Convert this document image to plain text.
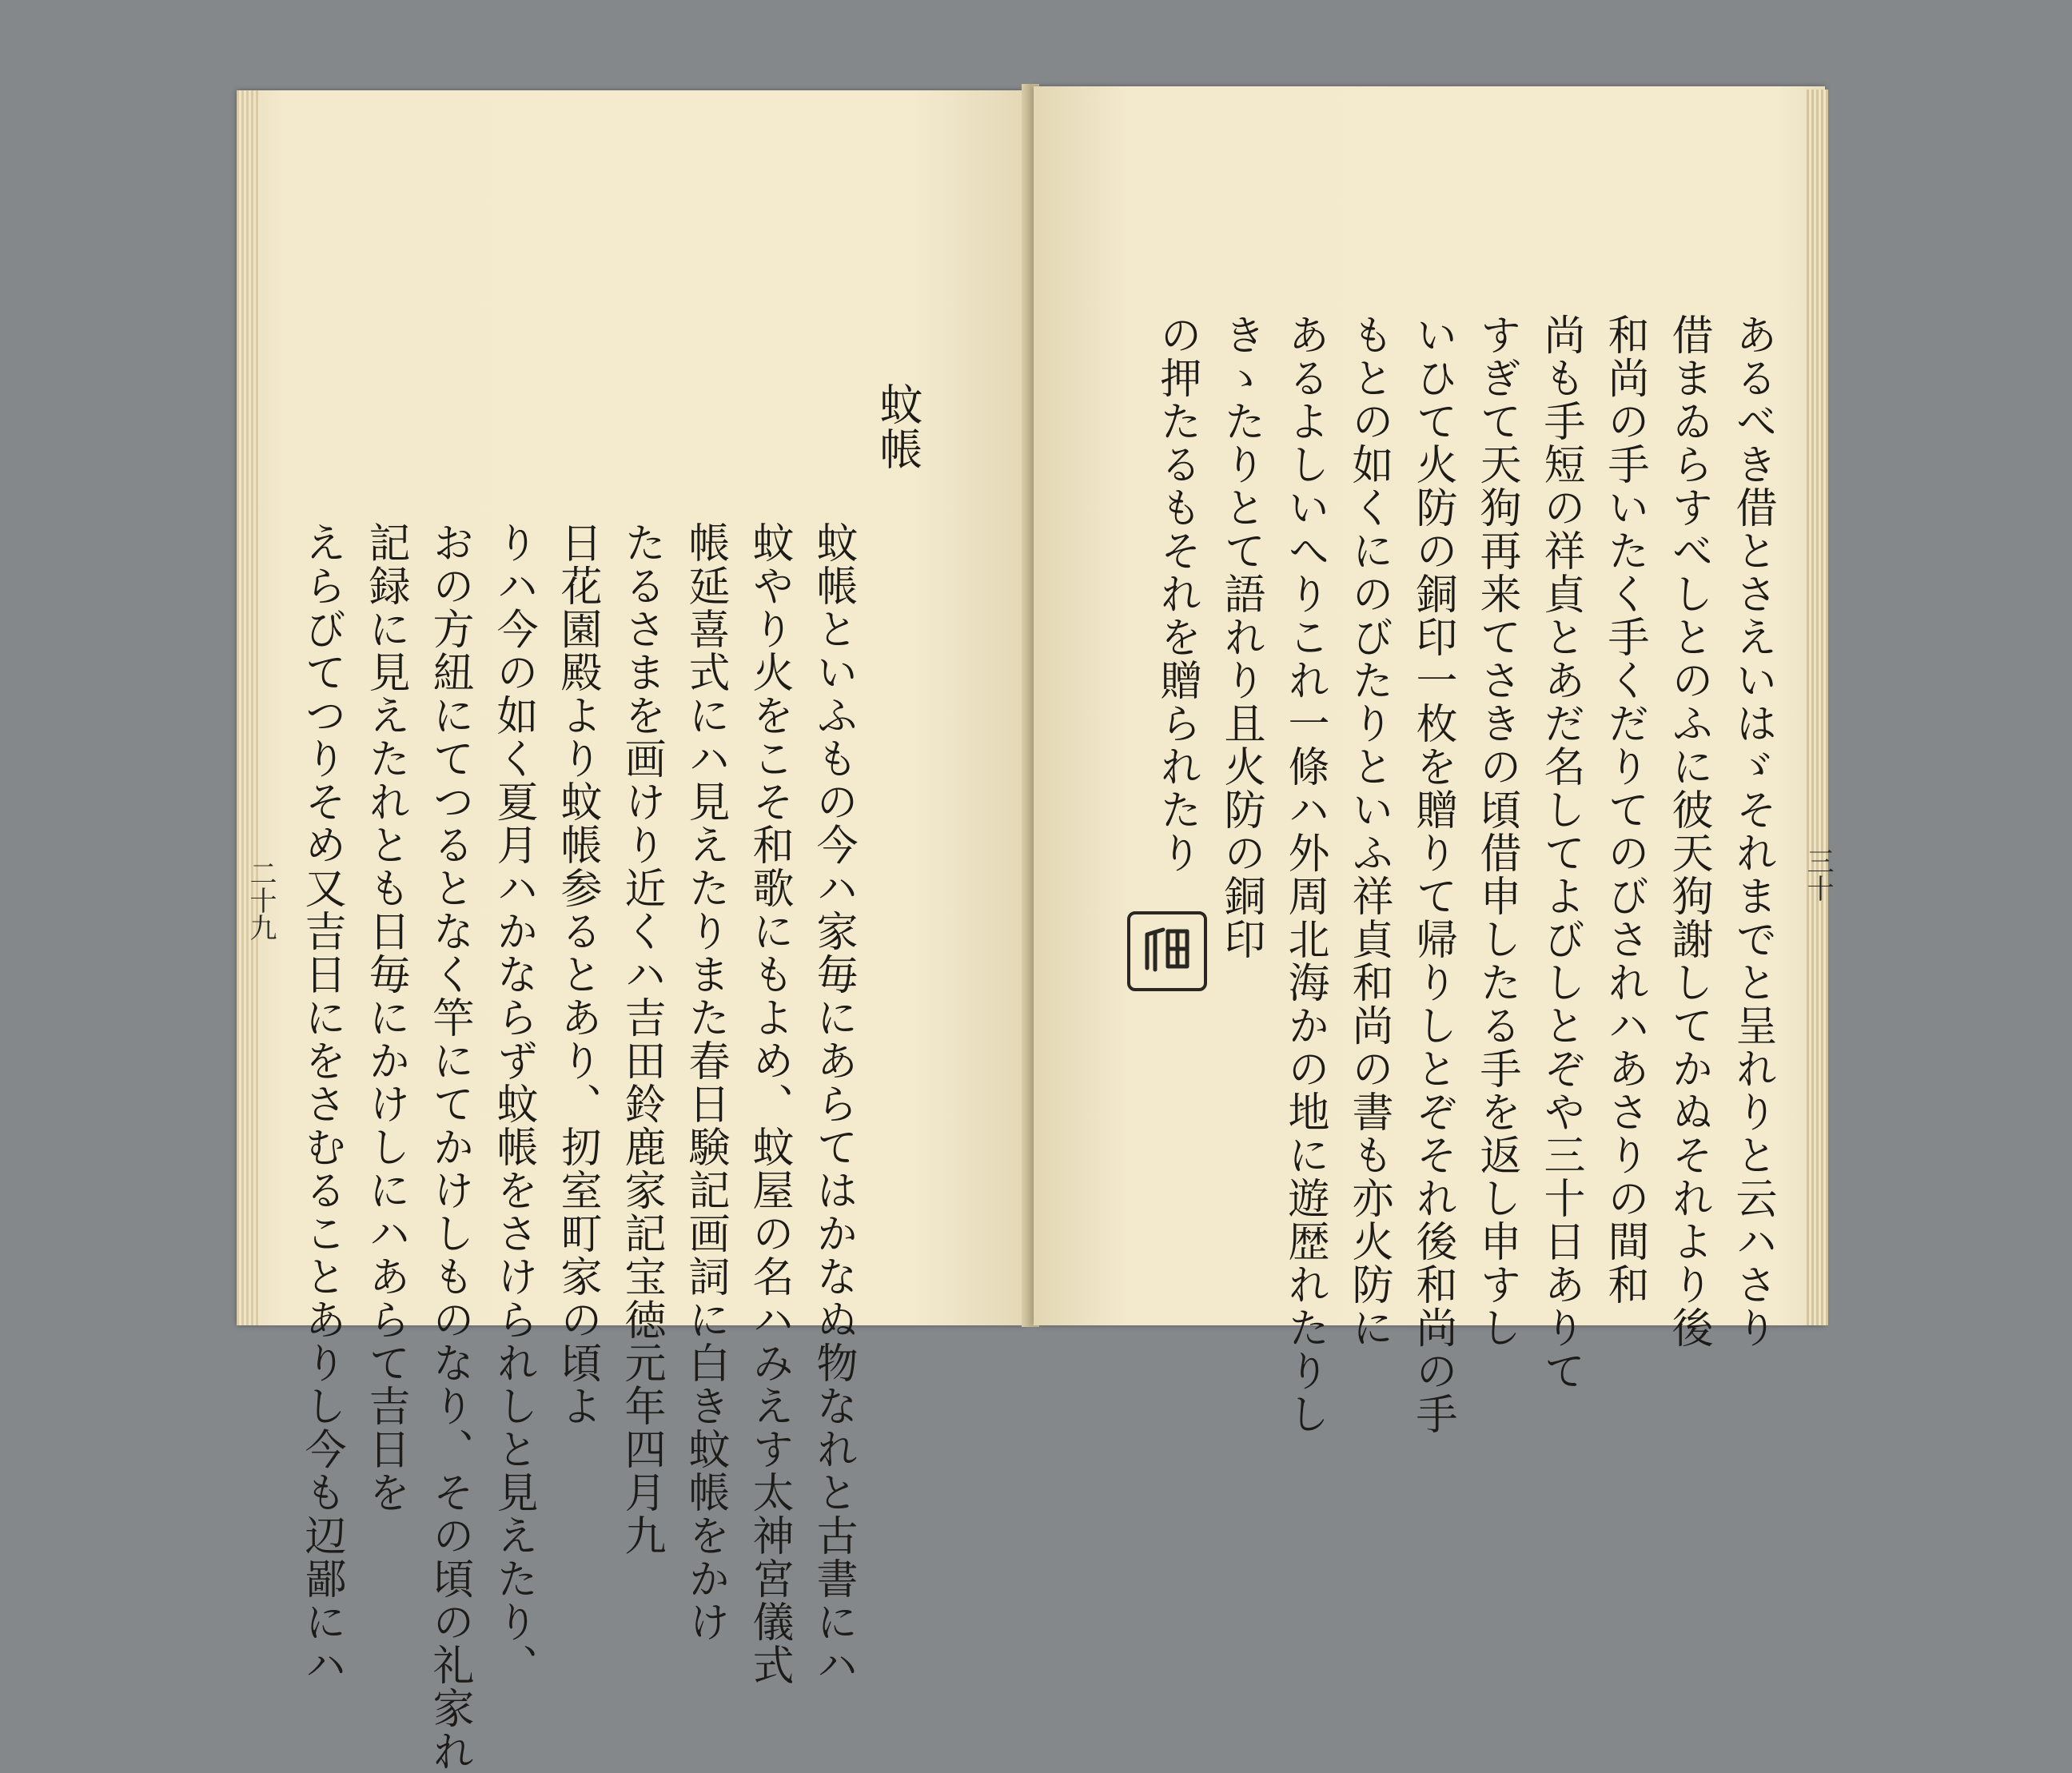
蚊帳
蚊帳といふもの今ハ家毎にあらてはかなぬ物なれと古書にハ
蚊やり火をこそ和歌にもよめ、蚊屋の名ハみえす太神宮儀式
帳延喜式にハ見えたりまた春日験記画詞に白き蚊帳をかけ
たるさまを画けり近くハ吉田鈴鹿家記宝徳元年四月九
日花園殿より蚊帳参るとあり、扨室町家の頃よ
りハ今の如く夏月ハかならず蚊帳をさけられしと見えたり、
おの方紐にてつるとなく竿にてかけしものなり、その頃の礼家れ
記録に見えたれとも日毎にかけしにハあらて吉日を
えらびてつりそめ又吉日にをさむることありし今も辺鄙にハ
二十九	あるべき借とさえいはゞそれまでと呈れりと云ハさり
借まゐらすべしとのふに彼天狗謝してかぬそれより後
和尚の手いたく手くだりてのびされハあさりの間和
尚も手短の祥貞とあだ名してよびしとぞや三十日ありて
すぎて天狗再来てさきの頃借申したる手を返し申すし
いひて火防の銅印一枚を贈りて帰りしとぞそれ後和尚の手
もとの如くにのびたりといふ祥貞和尚の書も亦火防に
あるよしいへりこれ一條ハ外周北海かの地に遊歴れたりし
きゝたりとて語れり且火防の銅印
の押たるもそれを贈られたり	三十
